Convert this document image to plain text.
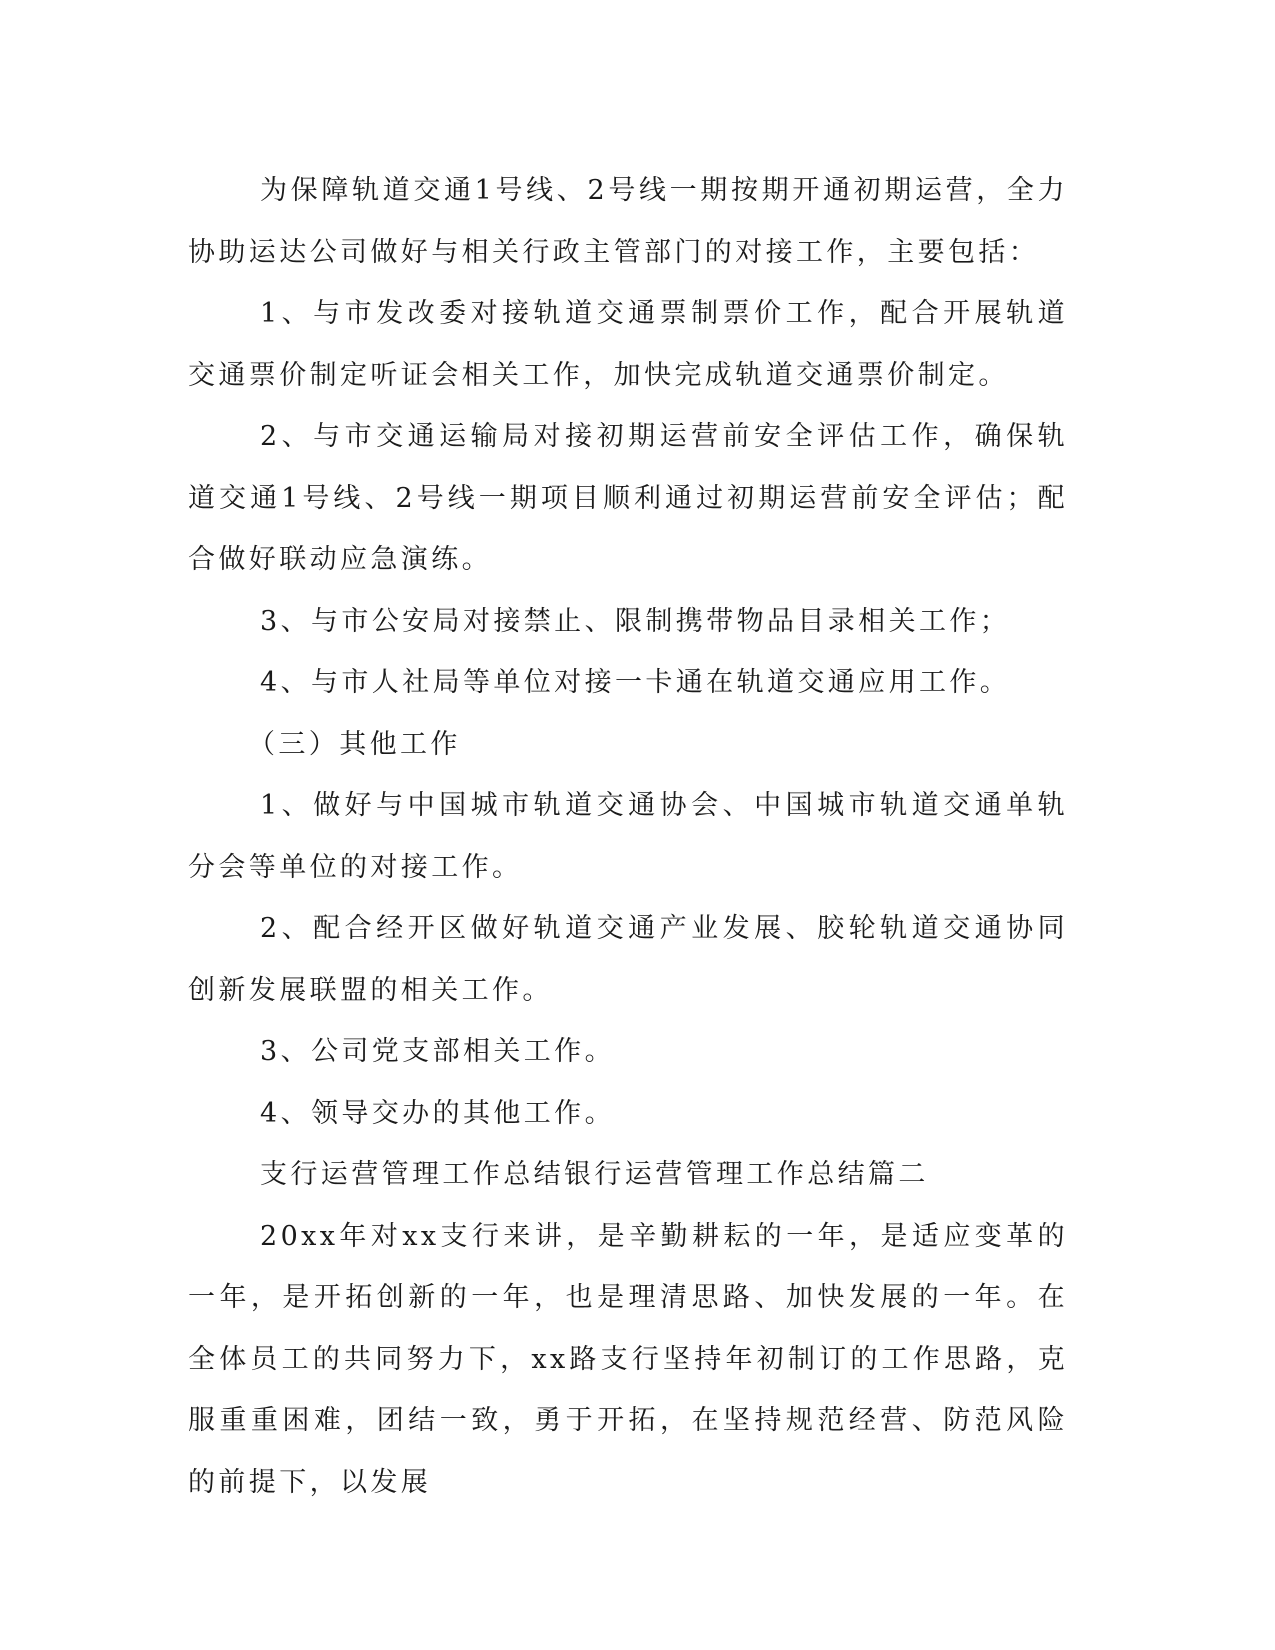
为保障轨道交通1号线、2号线一期按期开通初期运营，全力协助运达公司做好与相关行政主管部门的对接工作，主要包括：

1、与市发改委对接轨道交通票制票价工作，配合开展轨道交通票价制定听证会相关工作，加快完成轨道交通票价制定。

2、与市交通运输局对接初期运营前安全评估工作，确保轨道交通1号线、2号线一期项目顺利通过初期运营前安全评估；配合做好联动应急演练。

3、与市公安局对接禁止、限制携带物品目录相关工作；

4、与市人社局等单位对接一卡通在轨道交通应用工作。

（三）其他工作

1、做好与中国城市轨道交通协会、中国城市轨道交通单轨分会等单位的对接工作。

2、配合经开区做好轨道交通产业发展、胶轮轨道交通协同创新发展联盟的相关工作。

3、公司党支部相关工作。

4、领导交办的其他工作。

支行运营管理工作总结银行运营管理工作总结篇二

20xx年对xx支行来讲，是辛勤耕耘的一年，是适应变革的一年，是开拓创新的一年，也是理清思路、加快发展的一年。在全体员工的共同努力下，xx路支行坚持年初制订的工作思路，克服重重困难，团结一致，勇于开拓，在坚持规范经营、防范风险的前提下，以发展
